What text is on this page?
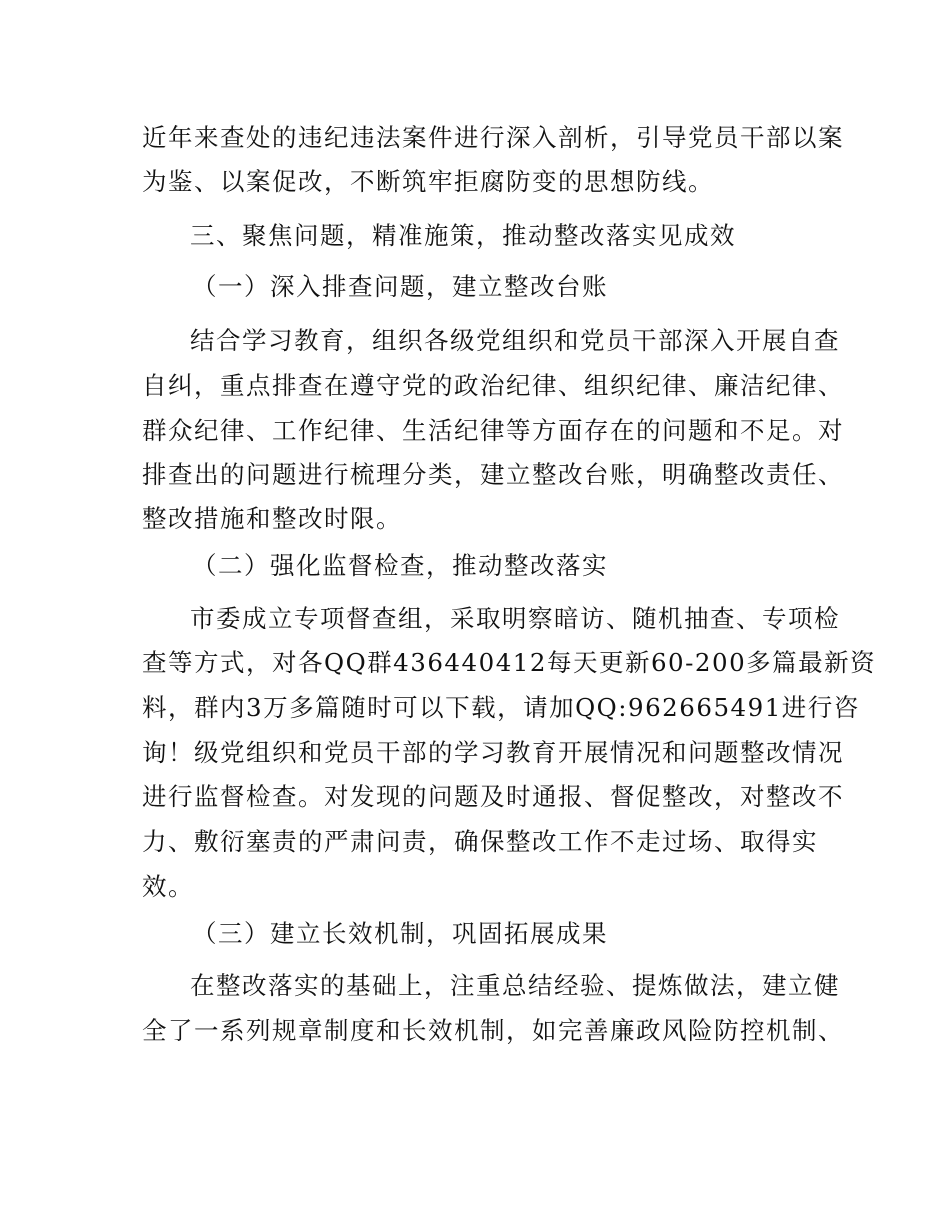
近年来查处的违纪违法案件进行深入剖析，引导党员干部以案
为鉴、以案促改，不断筑牢拒腐防变的思想防线。
三、聚焦问题，精准施策，推动整改落实见成效
（一）深入排查问题，建立整改台账
结合学习教育，组织各级党组织和党员干部深入开展自查
自纠，重点排查在遵守党的政治纪律、组织纪律、廉洁纪律、
群众纪律、工作纪律、生活纪律等方面存在的问题和不足。对
排查出的问题进行梳理分类，建立整改台账，明确整改责任、
整改措施和整改时限。
（二）强化监督检查，推动整改落实
市委成立专项督查组，采取明察暗访、随机抽查、专项检
查等方式，对各QQ群436440412每天更新60-200多篇最新资
料，群内3万多篇随时可以下载，请加QQ:962665491进行咨
询！级党组织和党员干部的学习教育开展情况和问题整改情况
进行监督检查。对发现的问题及时通报、督促整改，对整改不
力、敷衍塞责的严肃问责，确保整改工作不走过场、取得实
效。
（三）建立长效机制，巩固拓展成果
在整改落实的基础上，注重总结经验、提炼做法，建立健
全了一系列规章制度和长效机制，如完善廉政风险防控机制、
